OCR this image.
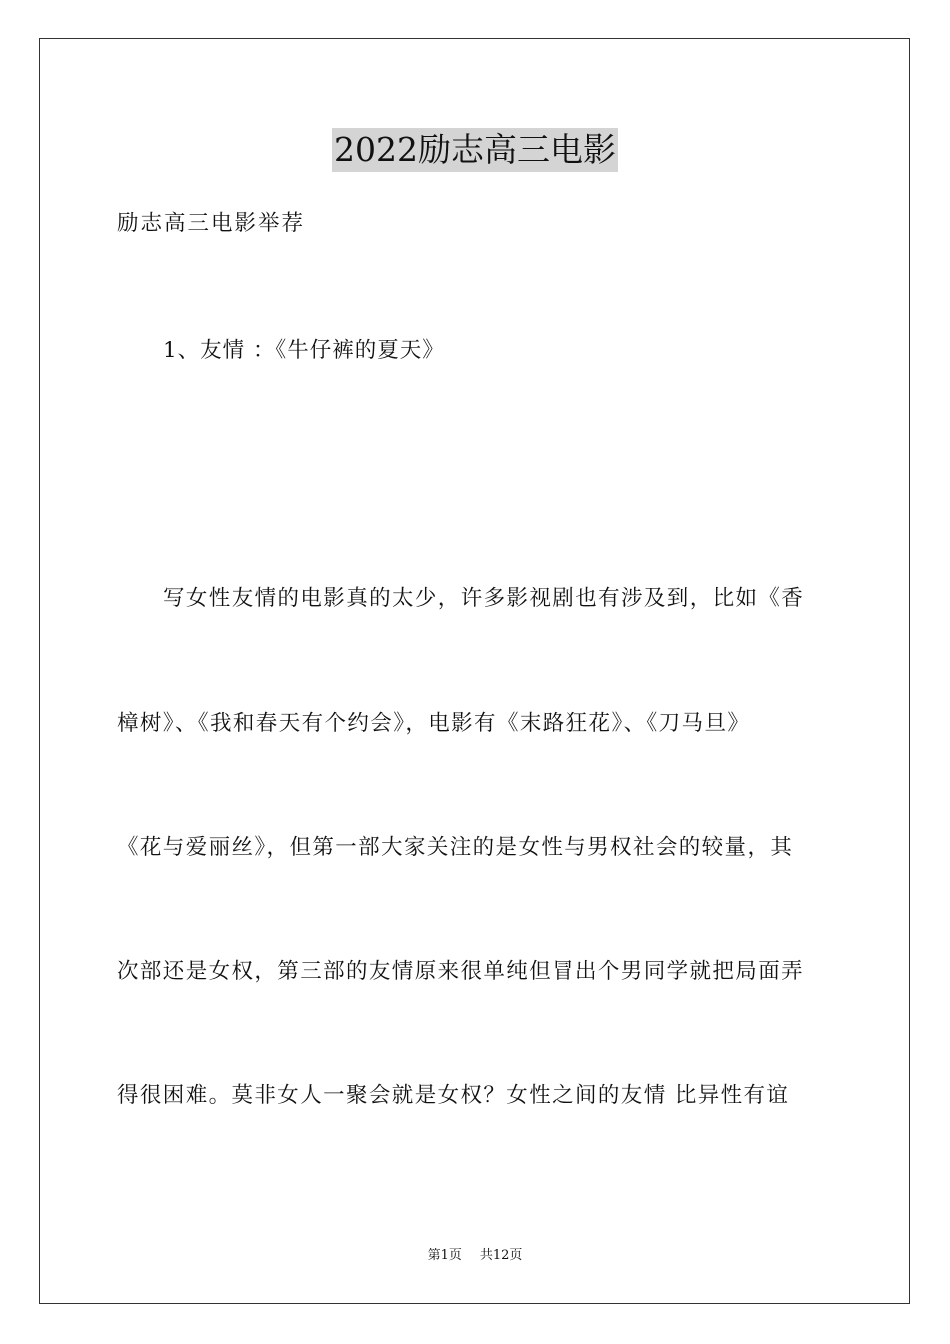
2022励志高三电影

励志高三电影举荐

1、友情 ：《牛仔裤的夏天》

写女性友情的电影真的太少，许多影视剧也有涉及到，比如《香

樟树》、《我和春天有个约会》，电影有《末路狂花》、《刀马旦》

《花与爱丽丝》，但第一部大家关注的是女性与男权社会的较量，其

次部还是女权，第三部的友情原来很单纯但冒出个男同学就把局面弄

得很困难。莫非女人一聚会就是女权？女性之间的友情 比异性有谊

第1页 共12页
